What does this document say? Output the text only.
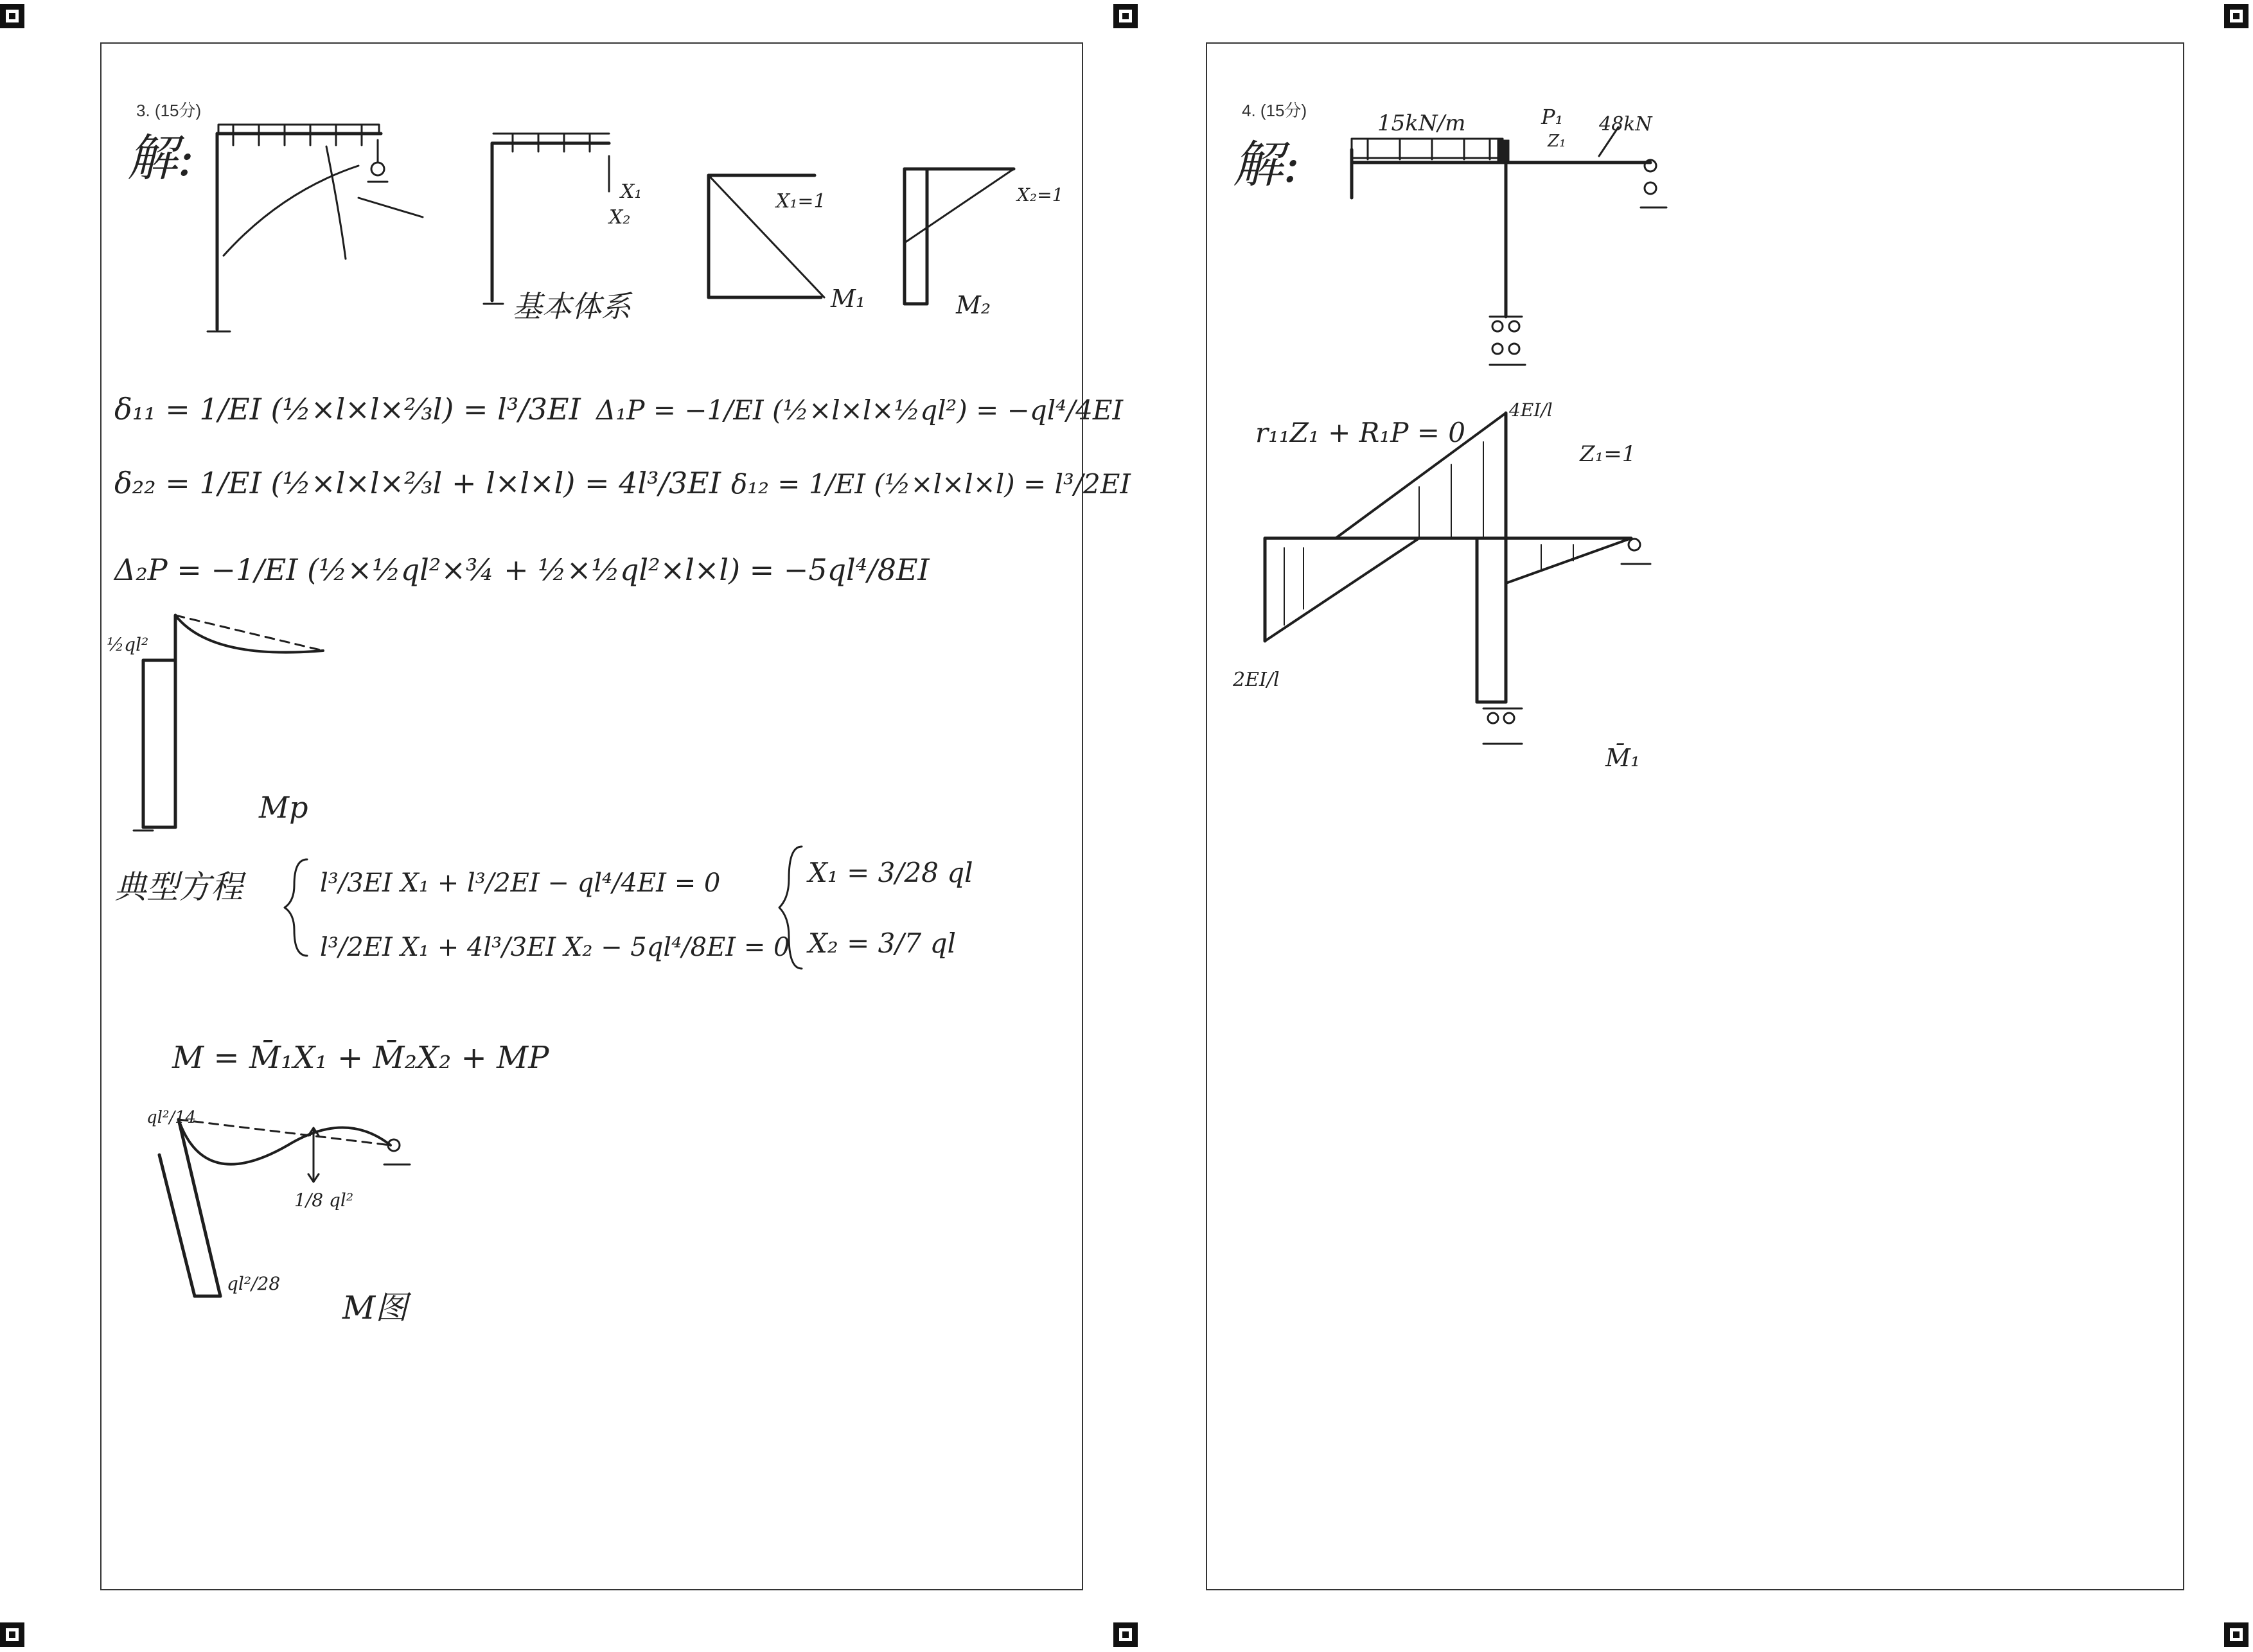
3. (15分)
解:
X₁
X₂
基本体系
X₁=1
M₁
X₂=1
M₂
δ₁₁ = 1/EI (½×l×l×⅔l) = l³/3EI Δ₁P = −1/EI (½×l×l×½ql²) = −ql⁴/4EI
δ₂₂ = 1/EI (½×l×l×⅔l + l×l×l) = 4l³/3EI δ₁₂ = 1/EI (½×l×l×l) = l³/2EI
Δ₂P = −1/EI (½×½ql²×¾ + ½×½ql²×l×l) = −5ql⁴/8EI
½ql²
Mp
典型方程	l³/3EI X₁ + l³/2EI − ql⁴/4EI = 0
l³/2EI X₁ + 4l³/3EI X₂ − 5ql⁴/8EI = 0
X₁ = 3/28 ql
X₂ = 3/7 ql
M = M̄₁X₁ + M̄₂X₂ + MP
ql²/14
1/8 ql²
ql²/28
M图
4. (15分)
解:
15kN/m	48kN
P₁
Z₁
r₁₁Z₁ + R₁P = 0
4EI/l
Z₁=1
2EI/l
M̄₁
